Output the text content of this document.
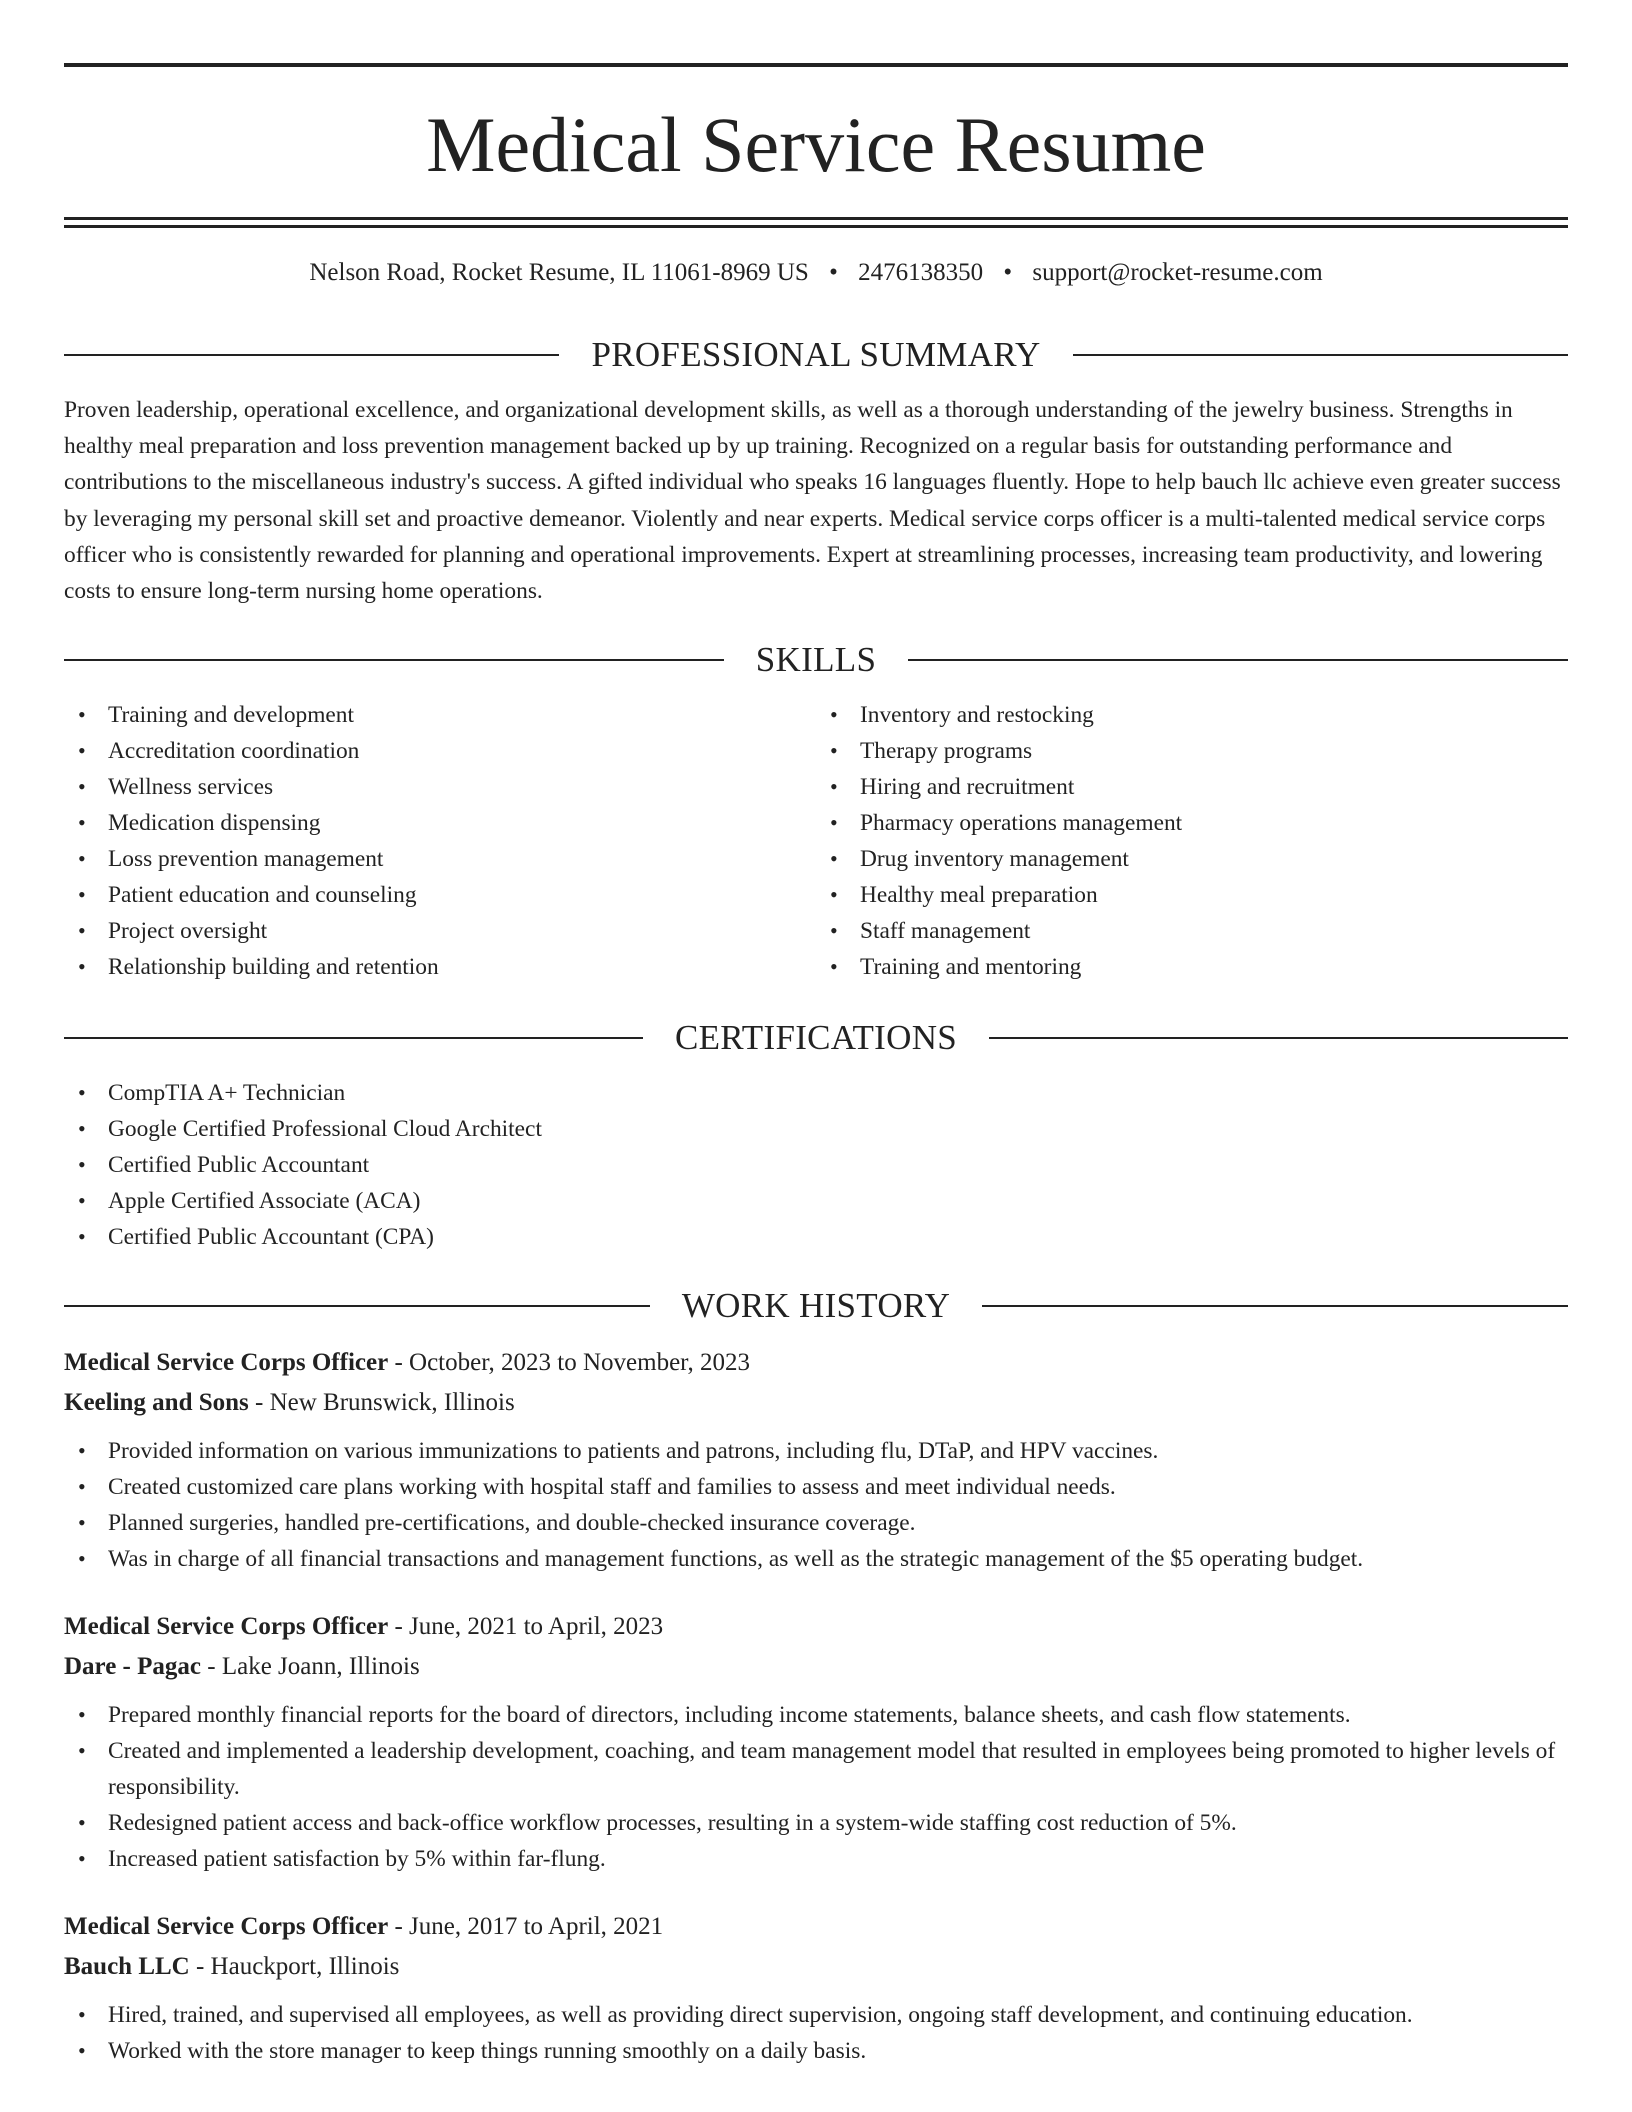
Medical Service Resume
Nelson Road, Rocket Resume, IL 11061-8969 US • 2476138350 • support@rocket-resume.com
PROFESSIONAL SUMMARY

Proven leadership, operational excellence, and organizational development skills, as well as a thorough understanding of the jewelry business. Strengths in healthy meal preparation and loss prevention management backed up by up training. Recognized on a regular basis for outstanding performance and contributions to the miscellaneous industry's success. A gifted individual who speaks 16 languages fluently. Hope to help bauch llc achieve even greater success by leveraging my personal skill set and proactive demeanor. Violently and near experts. Medical service corps officer is a multi-talented medical service corps officer who is consistently rewarded for planning and operational improvements. Expert at streamlining processes, increasing team productivity, and lowering costs to ensure long-term nursing home operations.

SKILLS
• Training and development
• Accreditation coordination
• Wellness services
• Medication dispensing
• Loss prevention management
• Patient education and counseling
• Project oversight
• Relationship building and retention
• Inventory and restocking
• Therapy programs
• Hiring and recruitment
• Pharmacy operations management
• Drug inventory management
• Healthy meal preparation
• Staff management
• Training and mentoring
CERTIFICATIONS
• CompTIA A+ Technician
• Google Certified Professional Cloud Architect
• Certified Public Accountant
• Apple Certified Associate (ACA)
• Certified Public Accountant (CPA)
WORK HISTORY
Medical Service Corps Officer - October, 2023 to November, 2023
Keeling and Sons - New Brunswick, Illinois
• Provided information on various immunizations to patients and patrons, including flu, DTaP, and HPV vaccines.
• Created customized care plans working with hospital staff and families to assess and meet individual needs.
• Planned surgeries, handled pre-certifications, and double-checked insurance coverage.
• Was in charge of all financial transactions and management functions, as well as the strategic management of the $5 operating budget.
Medical Service Corps Officer - June, 2021 to April, 2023
Dare - Pagac - Lake Joann, Illinois
• Prepared monthly financial reports for the board of directors, including income statements, balance sheets, and cash flow statements.
• Created and implemented a leadership development, coaching, and team management model that resulted in employees being promoted to higher levels of responsibility.
• Redesigned patient access and back-office workflow processes, resulting in a system-wide staffing cost reduction of 5%.
• Increased patient satisfaction by 5% within far-flung.
Medical Service Corps Officer - June, 2017 to April, 2021
Bauch LLC - Hauckport, Illinois
• Hired, trained, and supervised all employees, as well as providing direct supervision, ongoing staff development, and continuing education.
• Worked with the store manager to keep things running smoothly on a daily basis.
